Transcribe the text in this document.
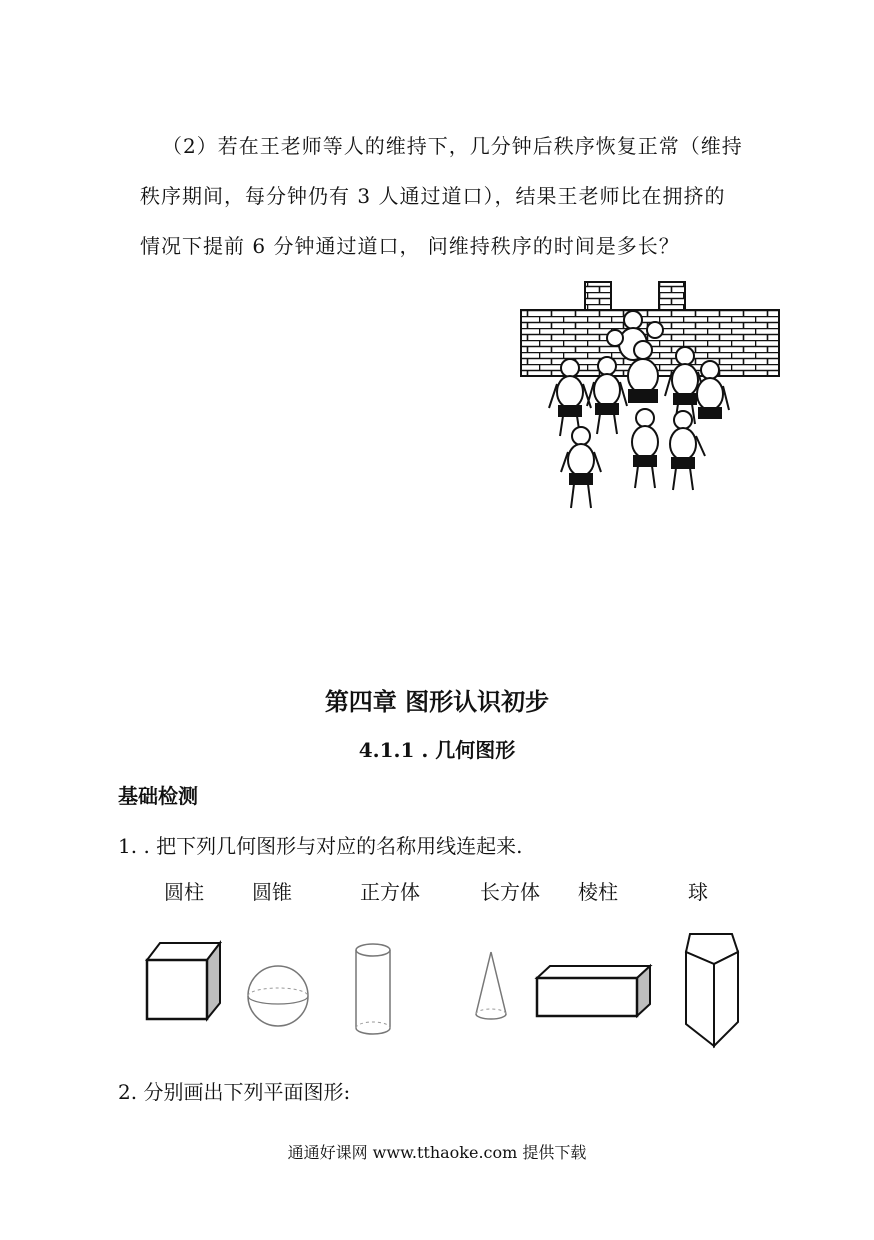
（2）若在王老师等人的维持下，几分钟后秩序恢复正常（维持
秩序期间，每分钟仍有 3 人通过道口），结果王老师比在拥挤的
情况下提前 6 分钟通过道口， 问维持秩序的时间是多长？
第四章 图形认识初步
4.1.1 . 几何图形
基础检测
1. . 把下列几何图形与对应的名称用线连起来.
圆柱 圆锥	正方体	长方体 棱柱	球
2. 分别画出下列平面图形:
通通好课网 www.tthaoke.com 提供下载
